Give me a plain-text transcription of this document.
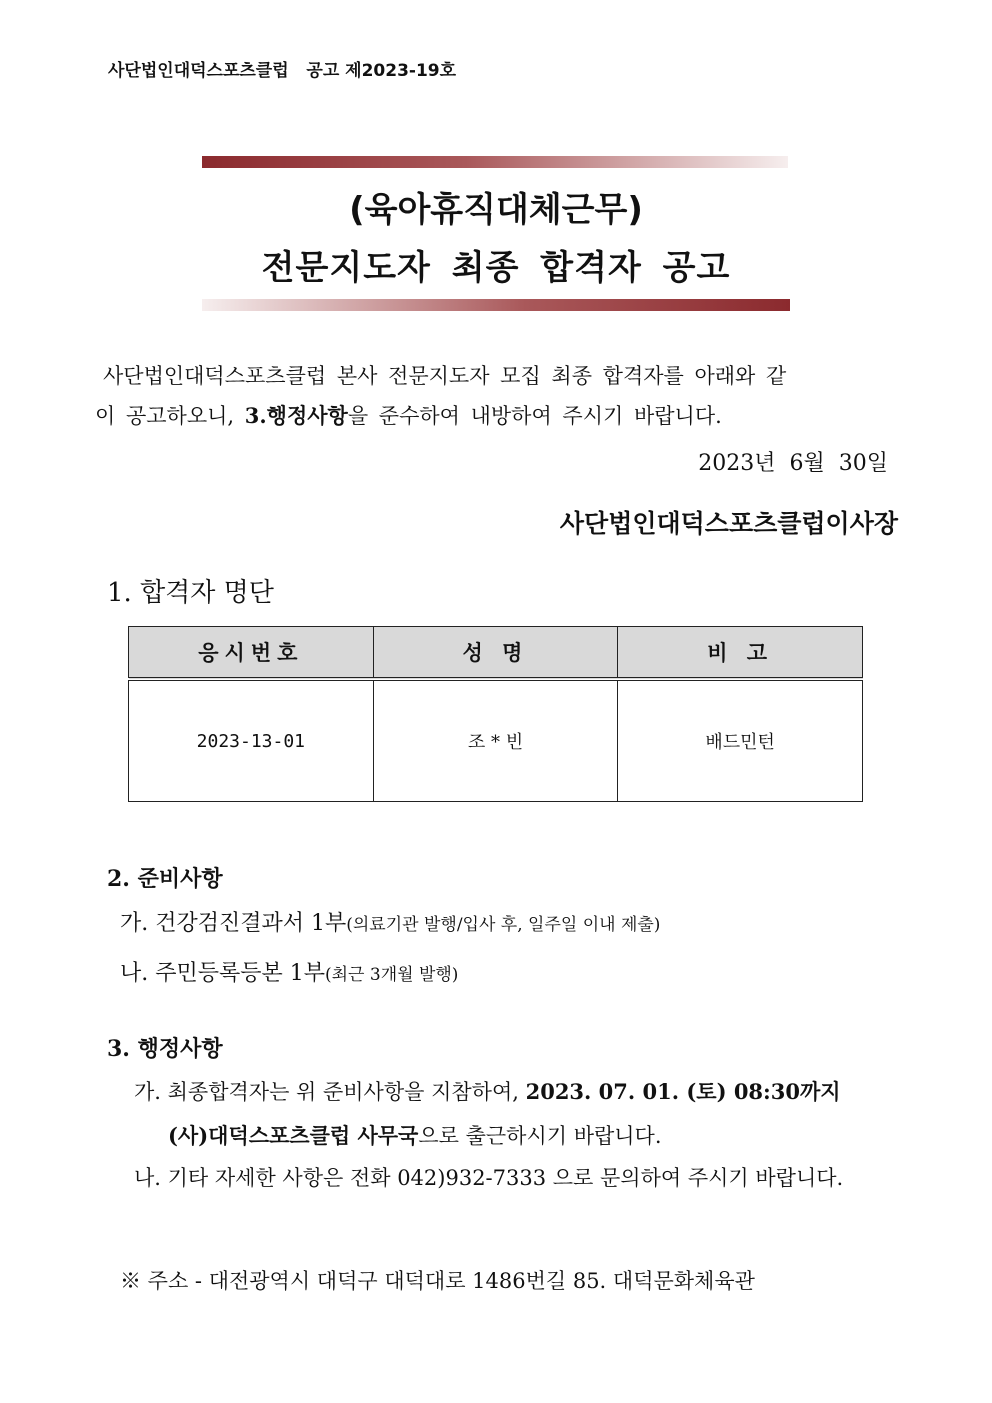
사단법인대덕스포츠클럽   공고 제2023-19호
(육아휴직대체근무)
전문지도자 최종 합격자 공고
사단법인대덕스포츠클럽 본사 전문지도자 모집 최종 합격자를 아래와 같
이 공고하오니, 3.행정사항을 준수하여 내방하여 주시기 바랍니다.
2023년  6월  30일
사단법인대덕스포츠클럽이사장
1. 합격자 명단
응시번호	성 명	비 고
2023-13-01	조 * 빈	배드민턴
2. 준비사항
가. 건강검진결과서 1부(의료기관 발행/입사 후, 일주일 이내 제출)
나. 주민등록등본 1부(최근 3개월 발행)
3. 행정사항
가. 최종합격자는 위 준비사항을 지참하여, 2023. 07. 01. (토) 08:30까지
(사)대덕스포츠클럽 사무국으로 출근하시기 바랍니다.
나. 기타 자세한 사항은 전화 042)932-7333 으로 문의하여 주시기 바랍니다.
※ 주소 - 대전광역시 대덕구 대덕대로 1486번길 85. 대덕문화체육관
